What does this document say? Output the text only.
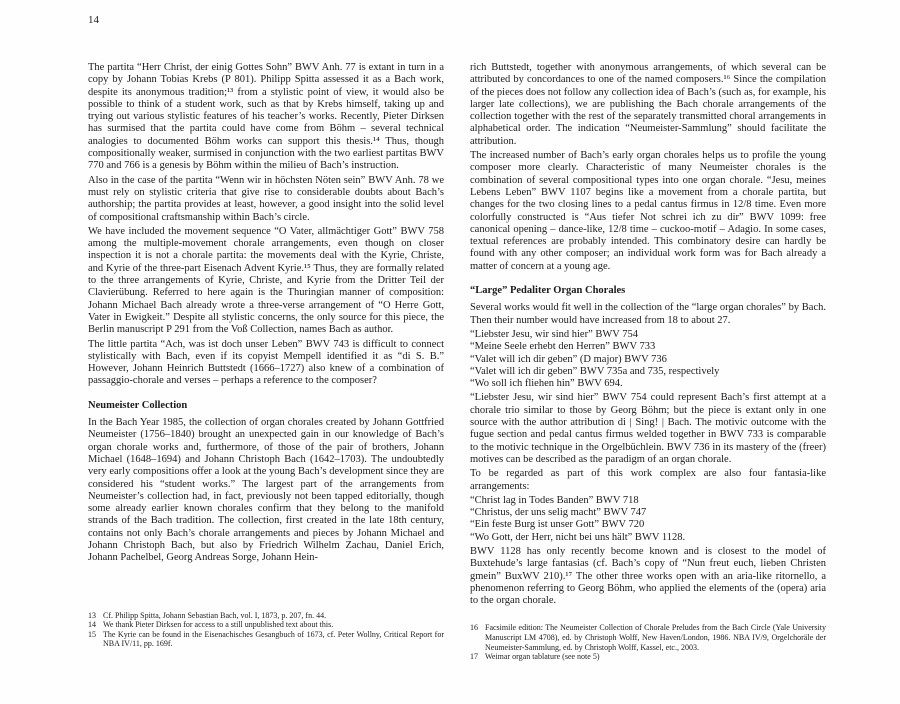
14

The partita “Herr Christ, der einig Gottes Sohn” BWV Anh. 77 is extant in turn in a copy by Johann Tobias Krebs (P 801). Philipp Spitta assessed it as a Bach work, despite its anonymous tradition;¹³ from a stylistic point of view, it would also be possible to think of a student work, such as that by Krebs himself, taking up and trying out various stylistic features of his teacher’s works. Recently, Pieter Dirksen has surmised that the partita could have come from Böhm – several technical analogies to documented Böhm works can support this thesis.¹⁴ Thus, though compositionally weaker, surmised in conjunction with the two earliest partitas BWV 770 and 766 is a genesis by Böhm within the milieu of Bach’s instruction.

Also in the case of the partita “Wenn wir in höchsten Nöten sein” BWV Anh. 78 we must rely on stylistic criteria that give rise to considerable doubts about Bach’s authorship; the partita provides at least, however, a good insight into the solid level of compositional craftsmanship within Bach’s circle.

We have included the movement sequence “O Vater, allmächtiger Gott” BWV 758 among the multiple-movement chorale arrangements, even though on closer inspection it is not a chorale partita: the movements deal with the Kyrie, Christe, and Kyrie of the three-part Eisenach Advent Kyrie.¹⁵ Thus, they are formally related to the three arrangements of Kyrie, Christe, and Kyrie from the Dritter Teil der Clavierübung. Referred to here again is the Thuringian manner of composition: Johann Michael Bach already wrote a three-verse arrangement of “O Herre Gott, Vater in Ewigkeit.” Despite all stylistic concerns, the only source for this piece, the Berlin manuscript P 291 from the Voß Collection, names Bach as author.

The little partita “Ach, was ist doch unser Leben” BWV 743 is difficult to connect stylistically with Bach, even if its copyist Mempell identified it as “di S. B.” However, Johann Heinrich Buttstedt (1666–1727) also knew of a combination of passaggio-chorale and verses – perhaps a reference to the composer?

Neumeister Collection

In the Bach Year 1985, the collection of organ chorales created by Johann Gottfried Neumeister (1756–1840) brought an unexpected gain in our knowledge of Bach’s organ chorale works and, furthermore, of those of the pair of brothers, Johann Michael (1648–1694) and Johann Christoph Bach (1642–1703). The undoubtedly very early compositions offer a look at the young Bach’s development since they are considered his “student works.” The largest part of the arrangements from Neumeister’s collection had, in fact, previously not been tapped editorially, though some already earlier known chorales confirm that they belong to the manifold strands of the Bach tradition. The collection, first created in the late 18th century, contains not only Bach’s chorale arrangements and pieces by Johann Michael and Johann Christoph Bach, but also by Friedrich Wilhelm Zachau, Daniel Erich, Johann Pachelbel, Georg Andreas Sorge, Johann Hein-

13 Cf. Philipp Spitta, Johann Sebastian Bach, vol. I, 1873, p. 207, fn. 44.
14 We thank Pieter Dirksen for access to a still unpublished text about this.
15 The Kyrie can be found in the Eisenachisches Gesangbuch of 1673, cf. Peter Wollny, Critical Report for NBA IV/11, pp. 169f.

rich Buttstedt, together with anonymous arrangements, of which several can be attributed by concordances to one of the named composers.¹⁶ Since the compilation of the pieces does not follow any collection idea of Bach’s (such as, for example, his larger late collections), we are publishing the Bach chorale arrangements of the collection together with the rest of the separately transmitted choral arrangements in alphabetical order. The indication “Neumeister-Sammlung” should facilitate the attribution.

The increased number of Bach’s early organ chorales helps us to profile the young composer more clearly. Characteristic of many Neumeister chorales is the combination of several compositional types into one organ chorale. “Jesu, meines Lebens Leben” BWV 1107 begins like a movement from a chorale partita, but changes for the two closing lines to a pedal cantus firmus in 12/8 time. Even more colorfully constructed is “Aus tiefer Not schrei ich zu dir” BWV 1099: free canonical opening – dance-like, 12/8 time – cuckoo-motif – Adagio. In some cases, textual references are probably intended. This combinatory desire can hardly be found with any other composer; an individual work form was for Bach already a matter of concern at a young age.

“Large” Pedaliter Organ Chorales

Several works would fit well in the collection of the “large organ chorales” by Bach. Then their number would have increased from 18 to about 27.

“Liebster Jesu, wir sind hier” BWV 754
“Meine Seele erhebt den Herren” BWV 733
“Valet will ich dir geben” (D major) BWV 736
“Valet will ich dir geben” BWV 735a and 735, respectively
“Wo soll ich fliehen hin” BWV 694.

“Liebster Jesu, wir sind hier” BWV 754 could represent Bach’s first attempt at a chorale trio similar to those by Georg Böhm; but the piece is extant only in one source with the author attribution di | Sing! | Bach. The motivic outcome with the fugue section and pedal cantus firmus welded together in BWV 733 is comparable to the motivic technique in the Orgelbüchlein. BWV 736 in its mastery of the (freer) motives can be described as the paradigm of an organ chorale.

To be regarded as part of this work complex are also four fantasia-like arrangements:

“Christ lag in Todes Banden” BWV 718
“Christus, der uns selig macht” BWV 747
“Ein feste Burg ist unser Gott” BWV 720
“Wo Gott, der Herr, nicht bei uns hält” BWV 1128.

BWV 1128 has only recently become known and is closest to the model of Buxtehude’s large fantasias (cf. Bach’s copy of “Nun freut euch, lieben Christen gmein” BuxWV 210).¹⁷ The other three works open with an aria-like ritornello, a phenomenon referring to Georg Böhm, who applied the elements of the (opera) aria to the organ chorale.

16 Facsimile edition: The Neumeister Collection of Chorale Preludes from the Bach Circle (Yale University Manuscript LM 4708), ed. by Christoph Wolff, New Haven/London, 1986. NBA IV/9, Orgelchoräle der Neumeister-Sammlung, ed. by Christoph Wolff, Kassel, etc., 2003.
17 Weimar organ tablature (see note 5)
